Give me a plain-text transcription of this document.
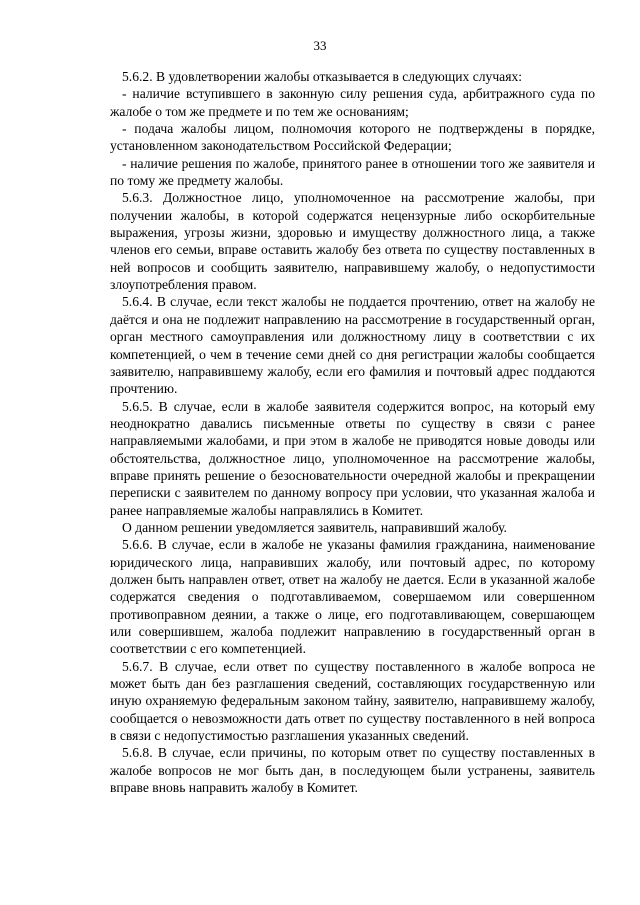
33

5.6.2. В удовлетворении жалобы отказывается в следующих случаях:

- наличие вступившего в законную силу решения суда, арбитражного суда по жалобе о том же предмете и по тем же основаниям;

- подача жалобы лицом, полномочия которого не подтверждены в порядке, установленном законодательством Российской Федерации;

- наличие решения по жалобе, принятого ранее в отношении того же заявителя и по тому же предмету жалобы.

5.6.3. Должностное лицо, уполномоченное на рассмотрение жалобы, при получении жалобы, в которой содержатся нецензурные либо оскорбительные выражения, угрозы жизни, здоровью и имуществу должностного лица, а также членов его семьи, вправе оставить жалобу без ответа по существу поставленных в ней вопросов и сообщить заявителю, направившему жалобу, о недопустимости злоупотребления правом.

5.6.4. В случае, если текст жалобы не поддается прочтению, ответ на жалобу не даётся и она не подлежит направлению на рассмотрение в государственный орган, орган местного самоуправления или должностному лицу в соответствии с их компетенцией, о чем в течение семи дней со дня регистрации жалобы сообщается заявителю, направившему жалобу, если его фамилия и почтовый адрес поддаются прочтению.

5.6.5. В случае, если в жалобе заявителя содержится вопрос, на который ему неоднократно давались письменные ответы по существу в связи с ранее направляемыми жалобами, и при этом в жалобе не приводятся новые доводы или обстоятельства, должностное лицо, уполномоченное на рассмотрение жалобы, вправе принять решение о безосновательности очередной жалобы и прекращении переписки с заявителем по данному вопросу при условии, что указанная жалоба и ранее направляемые жалобы направлялись в Комитет.

О данном решении уведомляется заявитель, направивший жалобу.

5.6.6. В случае, если в жалобе не указаны фамилия гражданина, наименование юридического лица, направивших жалобу, или почтовый адрес, по которому должен быть направлен ответ, ответ на жалобу не дается. Если в указанной жалобе содержатся сведения о подготавливаемом, совершаемом или совершенном противоправном деянии, а также о лице, его подготавливающем, совершающем или совершившем, жалоба подлежит направлению в государственный орган в соответствии с его компетенцией.

5.6.7. В случае, если ответ по существу поставленного в жалобе вопроса не может быть дан без разглашения сведений, составляющих государственную или иную охраняемую федеральным законом тайну, заявителю, направившему жалобу, сообщается о невозможности дать ответ по существу поставленного в ней вопроса в связи с недопустимостью разглашения указанных сведений.

5.6.8. В случае, если причины, по которым ответ по существу поставленных в жалобе вопросов не мог быть дан, в последующем были устранены, заявитель вправе вновь направить жалобу в Комитет.
